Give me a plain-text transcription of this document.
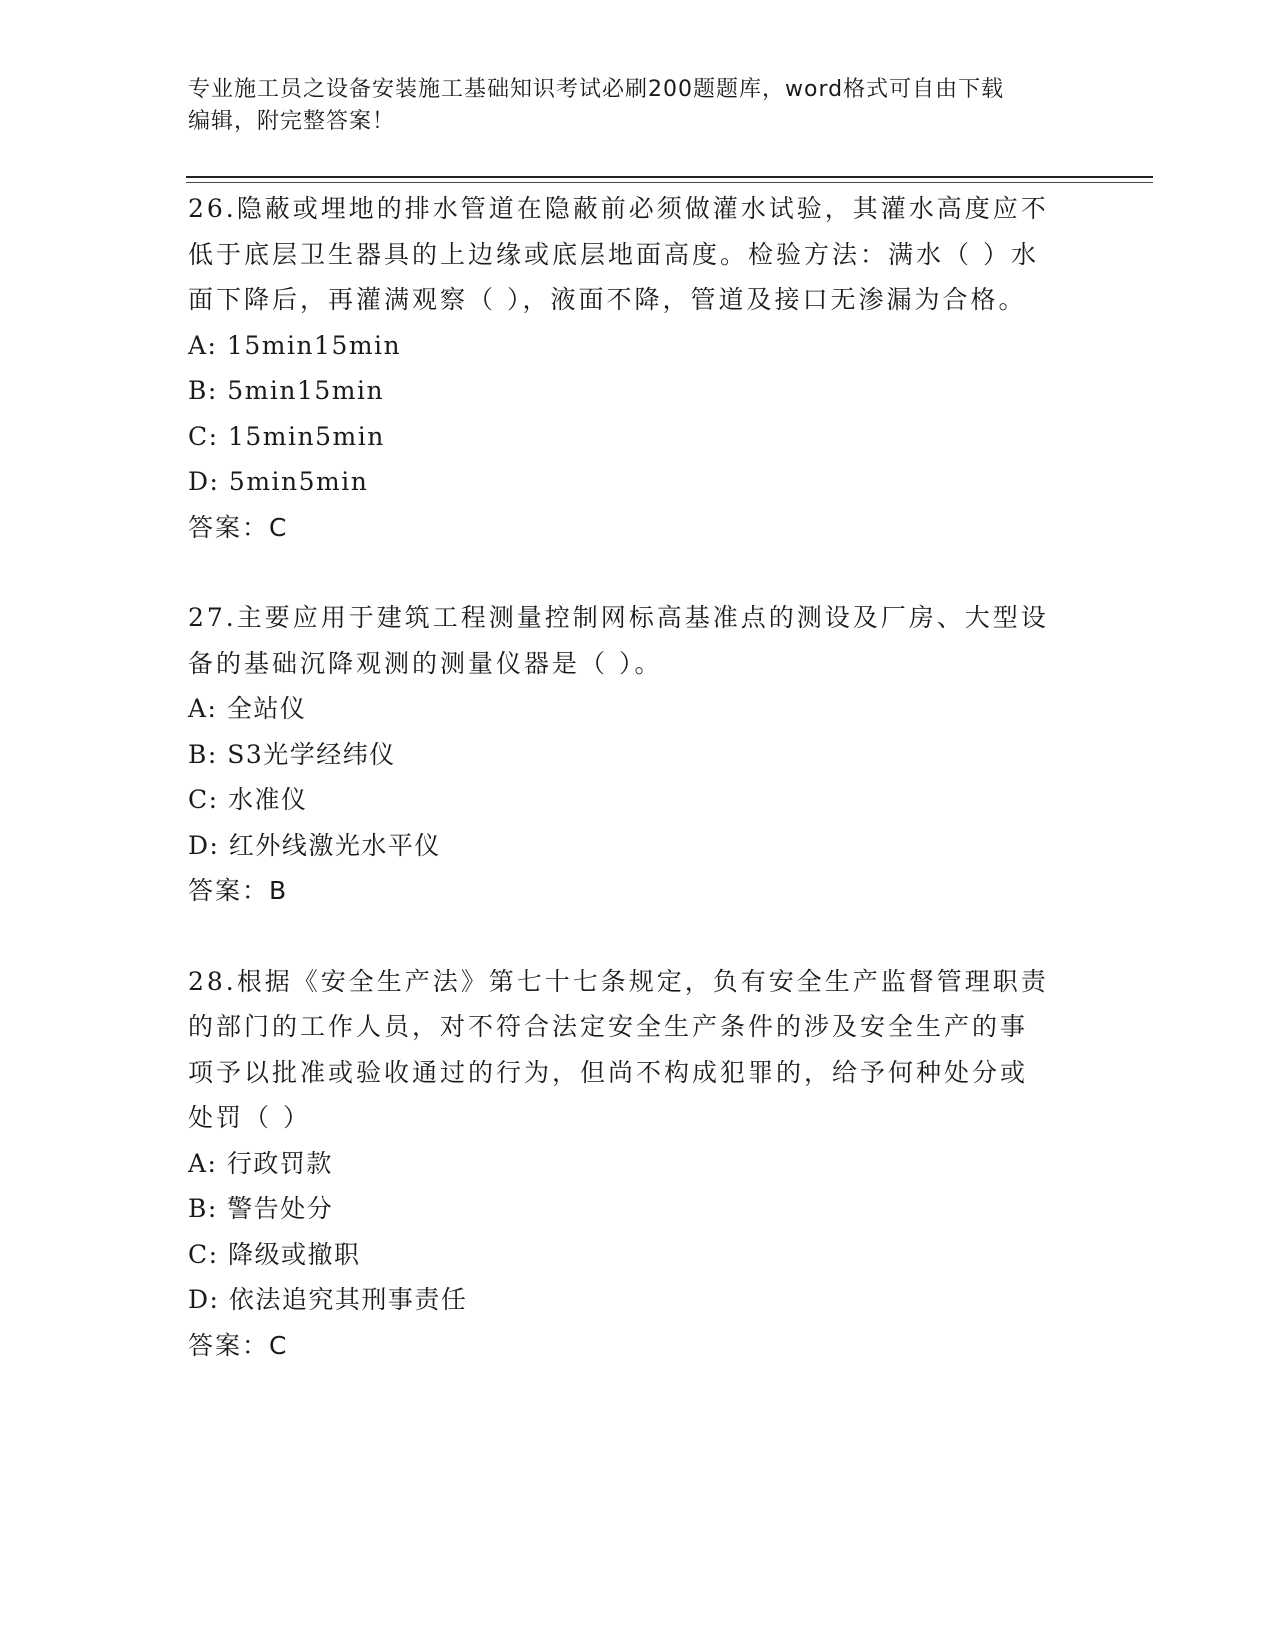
专业施工员之设备安装施工基础知识考试必刷200题题库，word格式可自由下载
编辑，附完整答案！
26.隐蔽或埋地的排水管道在隐蔽前必须做灌水试验，其灌水高度应不
低于底层卫生器具的上边缘或底层地面高度。检验方法：满水（ ）水
面下降后，再灌满观察（ ），液面不降，管道及接口无渗漏为合格。
A: 15min15min
B: 5min15min
C: 15min5min
D: 5min5min
答案：C
27.主要应用于建筑工程测量控制网标高基准点的测设及厂房、大型设
备的基础沉降观测的测量仪器是（ ）。
A: 全站仪
B: S3光学经纬仪
C: 水准仪
D: 红外线激光水平仪
答案：B
28.根据《安全生产法》第七十七条规定，负有安全生产监督管理职责
的部门的工作人员，对不符合法定安全生产条件的涉及安全生产的事
项予以批准或验收通过的行为，但尚不构成犯罪的，给予何种处分或
处罚（ ）
A: 行政罚款
B: 警告处分
C: 降级或撤职
D: 依法追究其刑事责任
答案：C
